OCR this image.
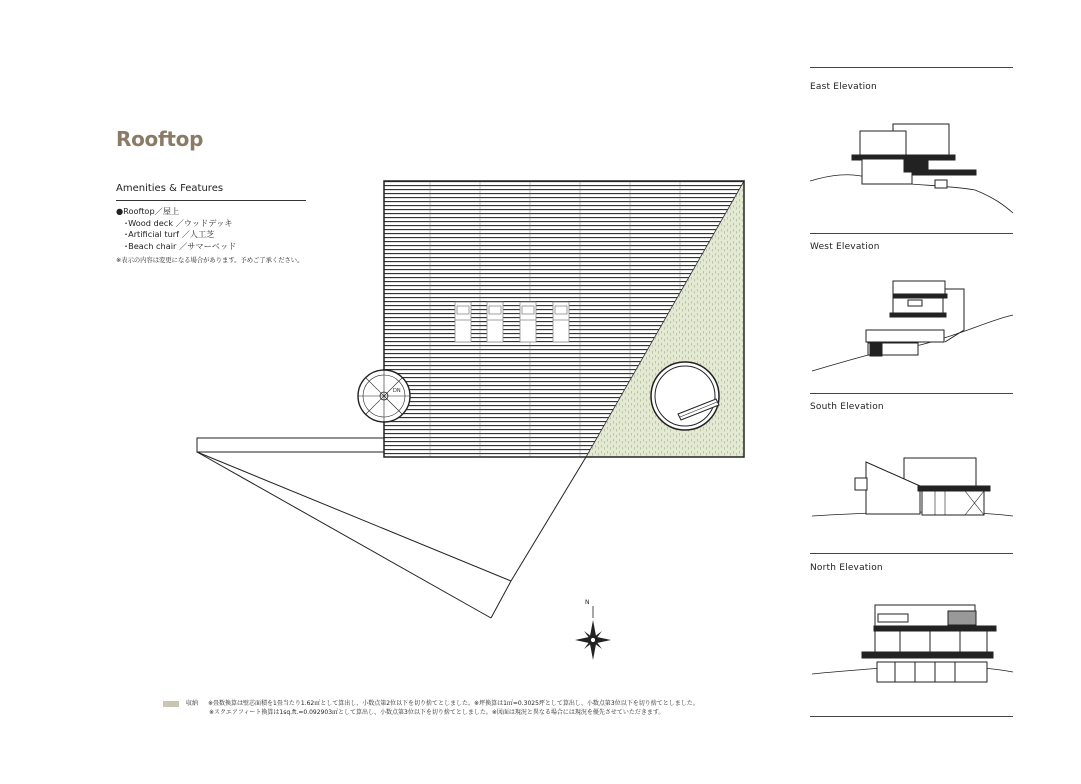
Rooftop
Amenities & Features
●Rooftop／屋上
･Wood deck ／ウッドデッキ
･Artificial turf ／人工芝
･Beach chair ／サマーベッド
※表示の内容は変更になる場合があります。予めご了承ください。
DN
N
East Elevation
West Elevation
South Elevation
North Elevation
収納 ※畳数換算は壁芯面積を1畳当たり1.62㎡として算出し、小数点第2位以下を切り捨てとしました。※坪換算は1㎡=0.3025坪として算出し、小数点第3位以下を切り捨てとしました。
※スクエアフィート換算は1sq.ft.=0.092903㎡として算出し、小数点第3位以下を切り捨てとしました。※図面は現況と異なる場合には現況を優先させていただきます。
